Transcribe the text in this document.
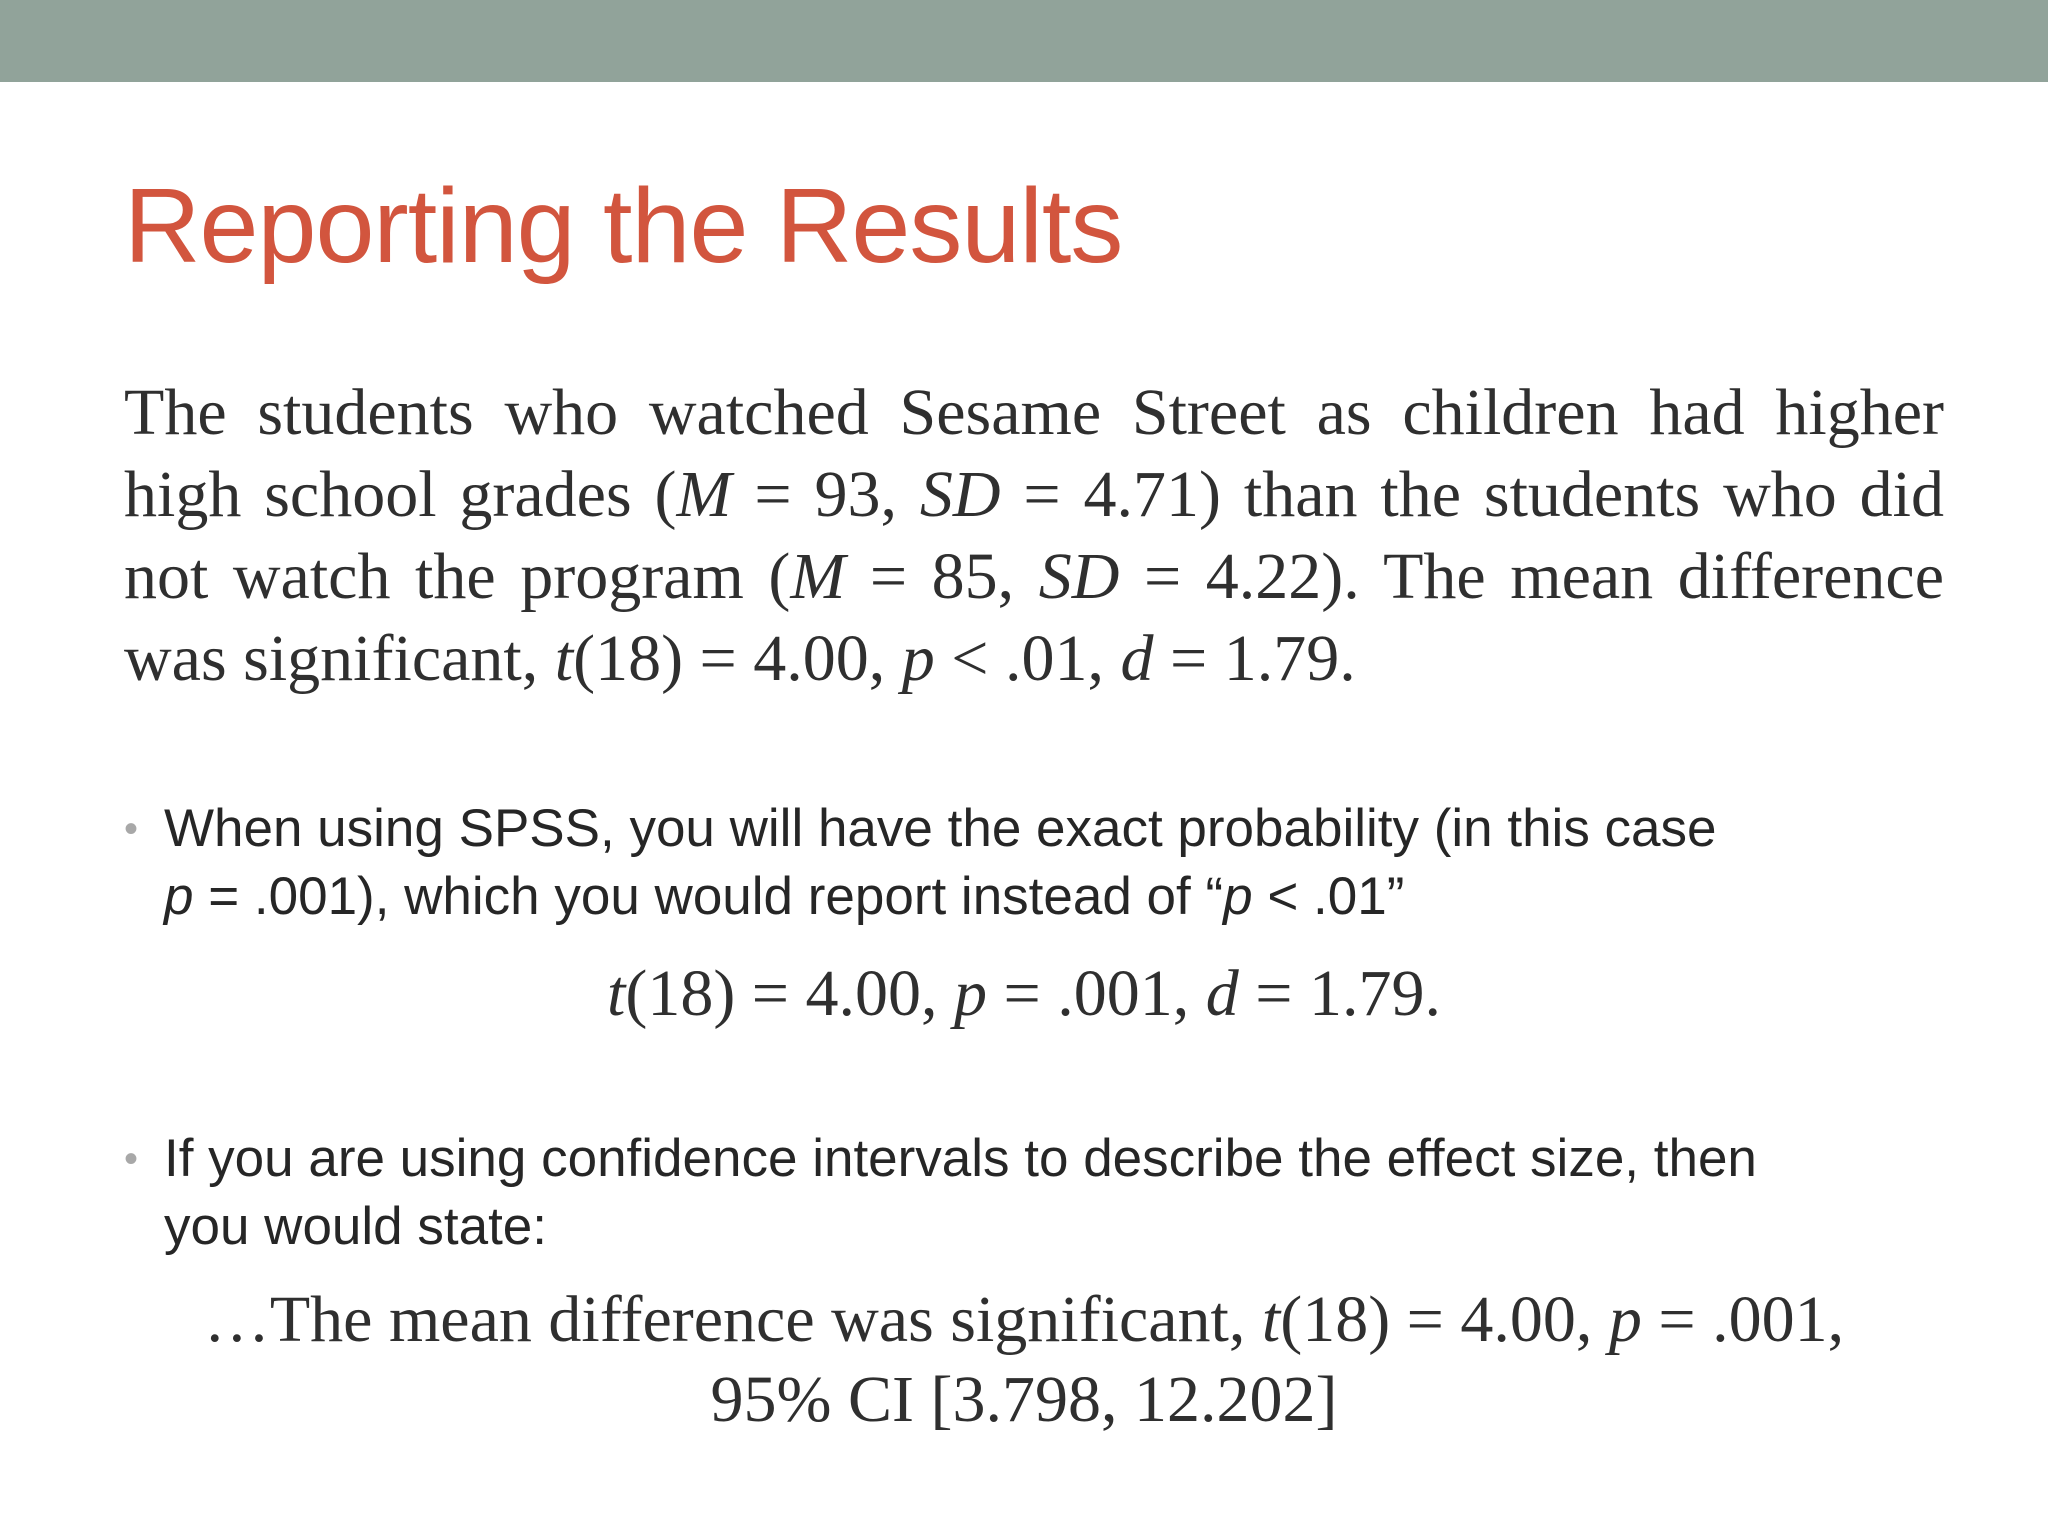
Reporting the Results
The students who watched Sesame Street as children had higher
high school grades (M = 93, SD = 4.71) than the students who did
not watch the program (M = 85, SD = 4.22). The mean difference
was significant, t(18) = 4.00, p < .01, d = 1.79.
• When using SPSS, you will have the exact probability (in this case
p = .001), which you would report instead of “p < .01”
t(18) = 4.00, p = .001, d = 1.79.
• If you are using confidence intervals to describe the effect size, then
you would state:
…The mean difference was significant, t(18) = 4.00, p = .001,
95% CI [3.798, 12.202]
